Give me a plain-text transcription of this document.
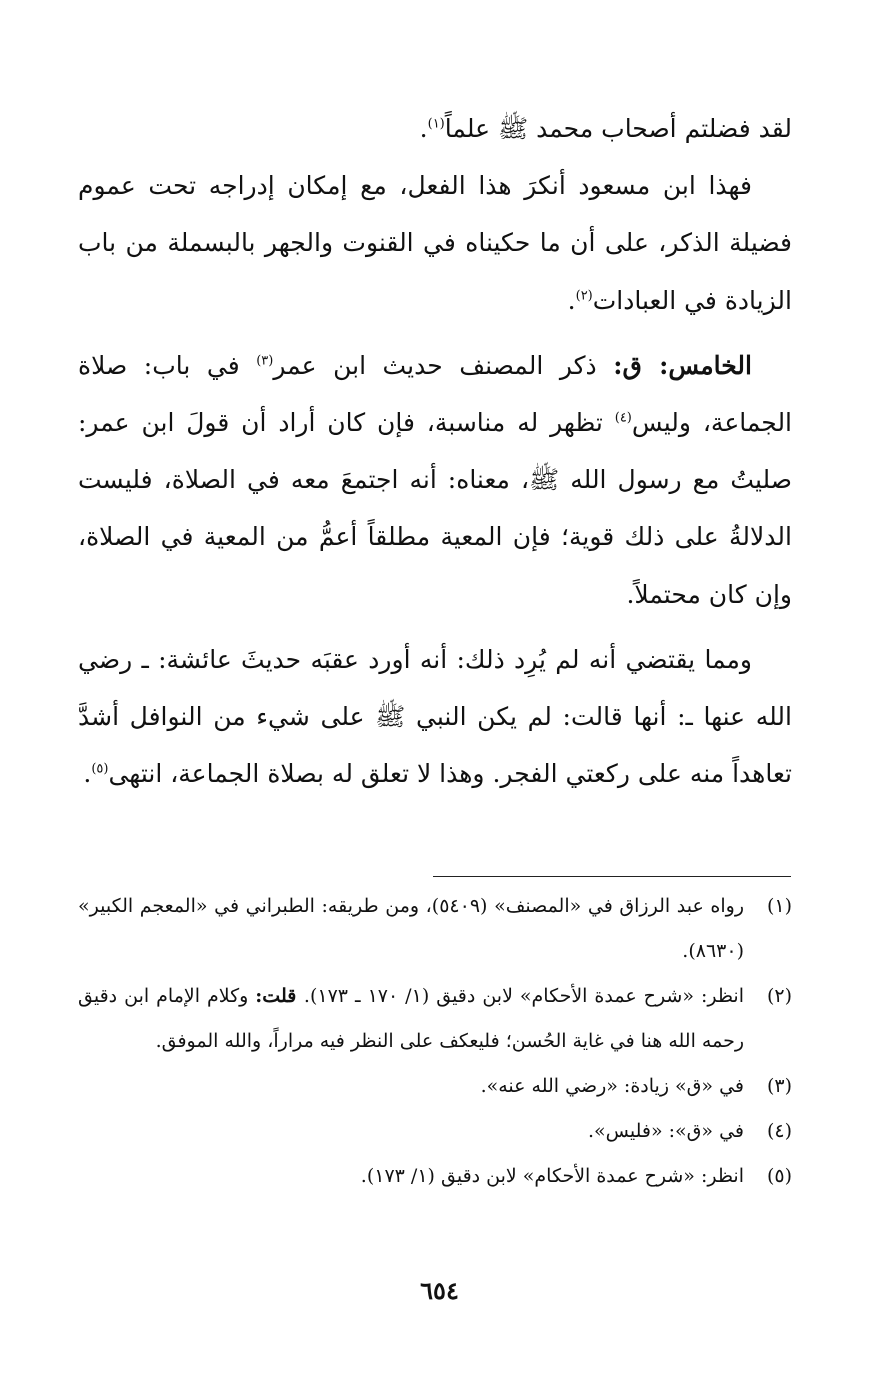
لقد فضلتم أصحاب محمد ﷺ علماً$^{(١)}$.

فهذا ابن مسعود أنكرَ هذا الفعل، مع إمكان إدراجه تحت عموم فضيلة الذكر، على أن ما حكيناه في القنوت والجهر بالبسملة من باب الزيادة في العبادات$^{(٢)}$.

الخامس: ق: ذكر المصنف حديث ابن عمر$^{(٣)}$ في باب: صلاة الجماعة، وليس$^{(٤)}$ تظهر له مناسبة، فإن كان أراد أن قولَ ابن عمر: صليتُ مع رسول الله ﷺ، معناه: أنه اجتمعَ معه في الصلاة، فليست الدلالةُ على ذلك قوية؛ فإن المعية مطلقاً أعمُّ من المعية في الصلاة، وإن كان محتملاً.

ومما يقتضي أنه لم يُرِد ذلك: أنه أورد عقبَه حديثَ عائشة: ـ رضي الله عنها ـ: أنها قالت: لم يكن النبي ﷺ على شيء من النوافل أشدَّ تعاهداً منه على ركعتي الفجر. وهذا لا تعلق له بصلاة الجماعة، انتهى$^{(٥)}$.

(١)
رواه عبد الرزاق في «المصنف» (٥٤٠٩)، ومن طريقه: الطبراني في «المعجم الكبير» (٨٦٣٠).

(٢)
انظر: «شرح عمدة الأحكام» لابن دقيق (١/ ١٧٠ ـ ١٧٣). قلت: وكلام الإمام ابن دقيق رحمه الله هنا في غاية الحُسن؛ فليعكف على النظر فيه مراراً، والله الموفق.

(٣)
في «ق» زيادة: «رضي الله عنه».

(٤)
في «ق»: «فليس».

(٥)
انظر: «شرح عمدة الأحكام» لابن دقيق (١/ ١٧٣).

٦٥٤
